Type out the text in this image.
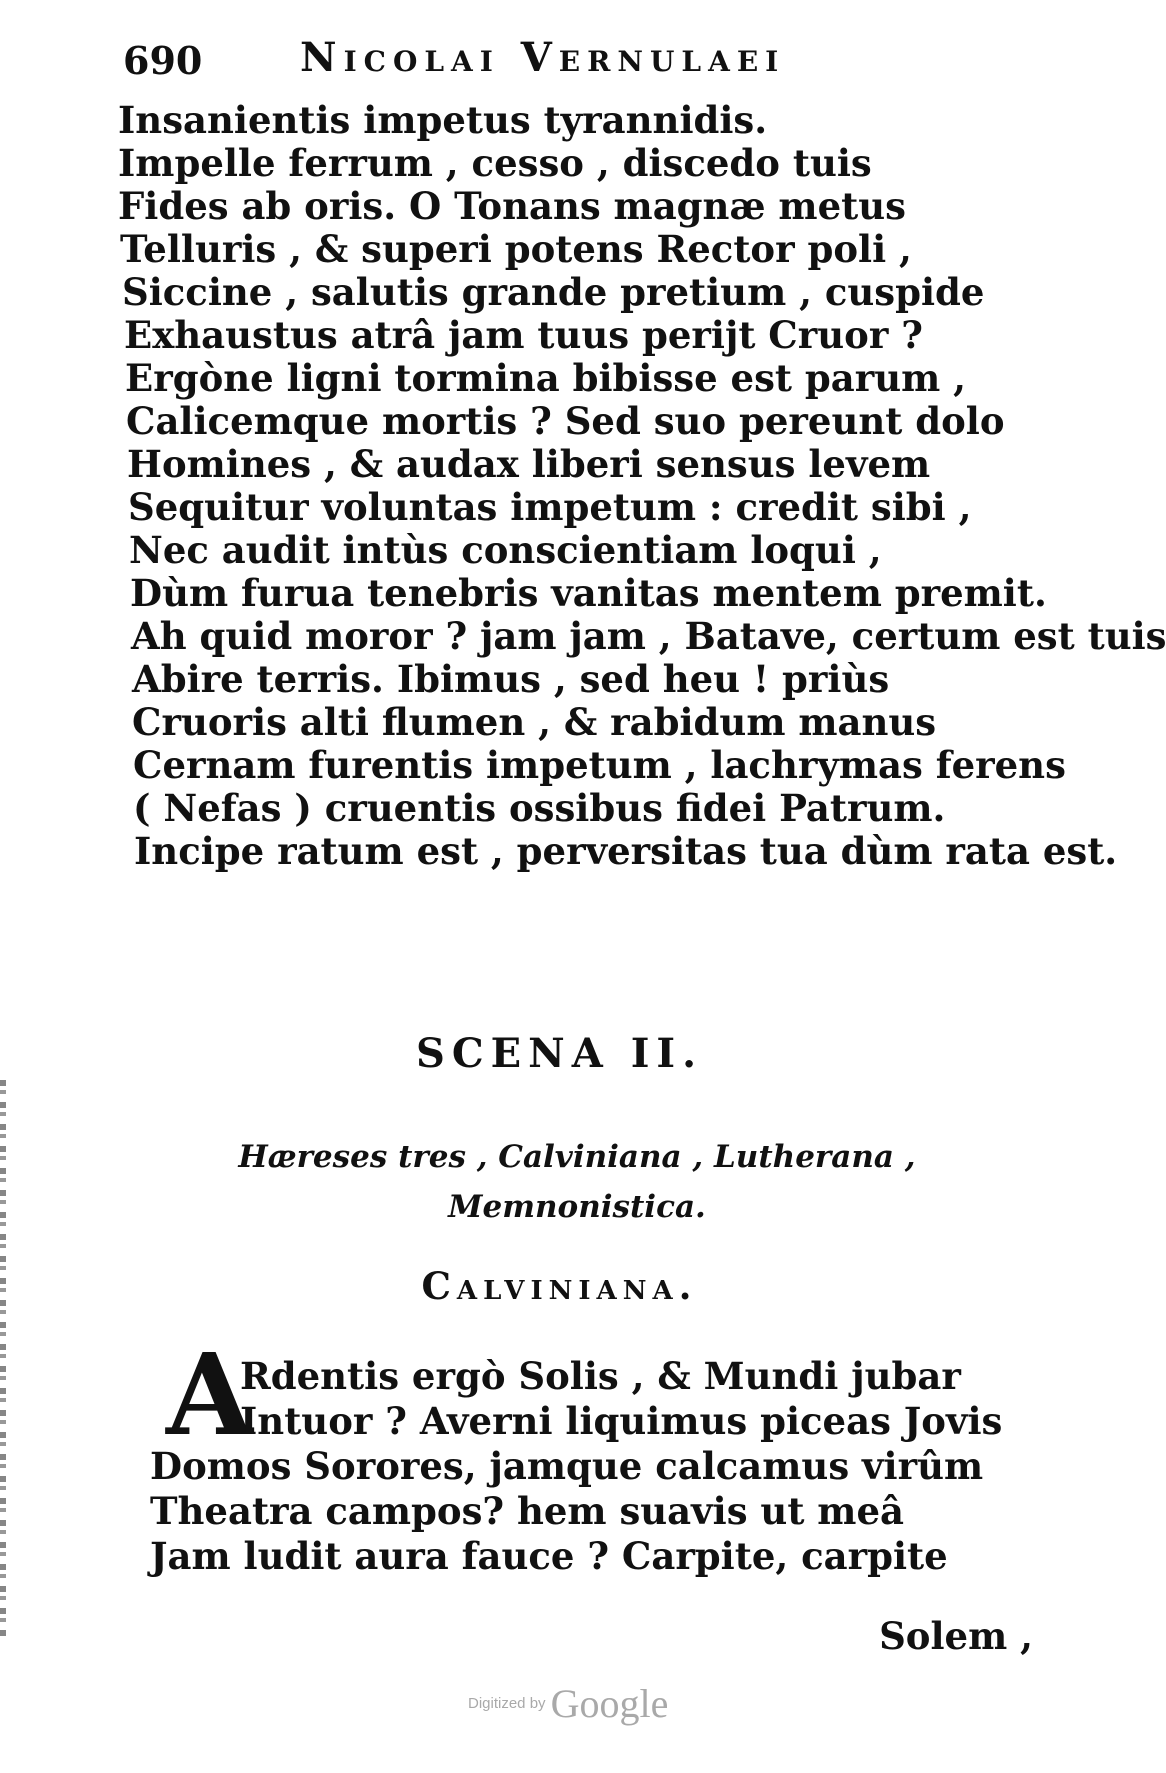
690 Nicolai Vernulaei
Insanientis impetus tyrannidis.
Impelle ferrum , cesso , discedo tuis
Fides ab oris. O Tonans magnæ metus
Telluris , & superi potens Rector poli ,
Siccine , salutis grande pretium , cuspide
Exhaustus atrâ jam tuus perijt Cruor ?
Ergòne ligni tormina bibisse est parum ,
Calicemque mortis ? Sed suo pereunt dolo
Homines , & audax liberi sensus levem
Sequitur voluntas impetum : credit sibi ,
Nec audit intùs conscientiam loqui ,
Dùm furua tenebris vanitas mentem premit.
Ah quid moror ? jam jam , Batave, certum est tuis
Abire terris. Ibimus , sed heu ! priùs
Cruoris alti flumen , & rabidum manus
Cernam furentis impetum , lachrymas ferens
( Nefas ) cruentis ossibus fidei Patrum.
Incipe ratum est , perversitas tua dùm rata est.
SCENA II.
Hæreses tres , Calviniana , Lutherana ,
Memnonistica.
Calviniana.
A
Rdentis ergò Solis , & Mundi jubar
Intuor ? Averni liquimus piceas Jovis
Domos Sorores, jamque calcamus virûm
Theatra campos? hem suavis ut meâ
Jam ludit aura fauce ? Carpite, carpite
Solem ,
Digitized by Google
